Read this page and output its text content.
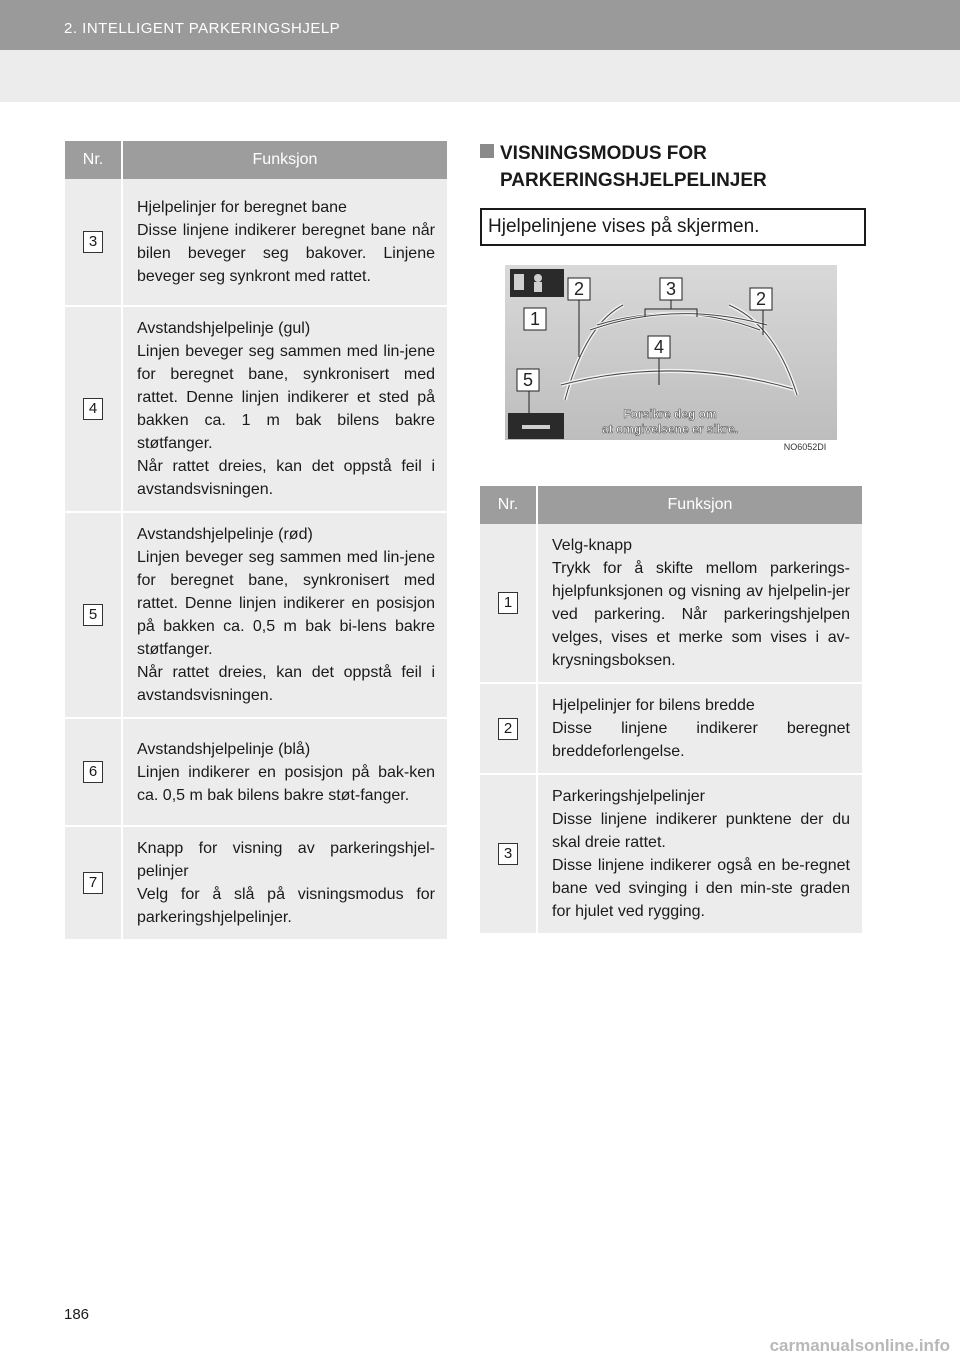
2. INTELLIGENT PARKERINGSHJELP
Nr.	Funksjon
3	Hjelpelinjer for beregnet bane
Disse linjene indikerer beregnet bane når bilen beveger seg bakover. Linjene beveger seg synkront med rattet.

4	Avstandshjelpelinje (gul)
Linjen beveger seg sammen med lin-jene for beregnet bane, synkronisert med rattet. Denne linjen indikerer et sted på bakken ca. 1 m bak bilens bakre støtfanger.
Når rattet dreies, kan det oppstå feil i avstandsvisningen.

5	Avstandshjelpelinje (rød)
Linjen beveger seg sammen med lin-jene for beregnet bane, synkronisert med rattet. Denne linjen indikerer en posisjon på bakken ca. 0,5 m bak bi-lens bakre støtfanger.
Når rattet dreies, kan det oppstå feil i avstandsvisningen.

6	Avstandshjelpelinje (blå)
Linjen indikerer en posisjon på bak-ken ca. 0,5 m bak bilens bakre støt-fanger.

7	Knapp for visning av parkeringshjel-pelinjer
Velg for å slå på visningsmodus for parkeringshjelpelinjer.
VISNINGSMODUS FOR
PARKERINGSHJELPELINJER
Hjelpelinjene vises på skjermen.
1
2	3	2
4
5
Forsikre deg om
at omgivelsene er sikre.
NO6052DI
Nr.	Funksjon
1	Velg-knapp
Trykk for å skifte mellom parkerings-hjelpfunksjonen og visning av hjelpelin-jer ved parkering. Når parkeringshjelpen velges, vises et merke som vises i av-krysningsboksen.

2	Hjelpelinjer for bilens bredde
Disse linjene indikerer beregnet breddeforlengelse.

3	Parkeringshjelpelinjer
Disse linjene indikerer punktene der du skal dreie rattet.
Disse linjene indikerer også en be-regnet bane ved svinging i den min-ste graden for hjulet ved rygging.
186
carmanualsonline.info
